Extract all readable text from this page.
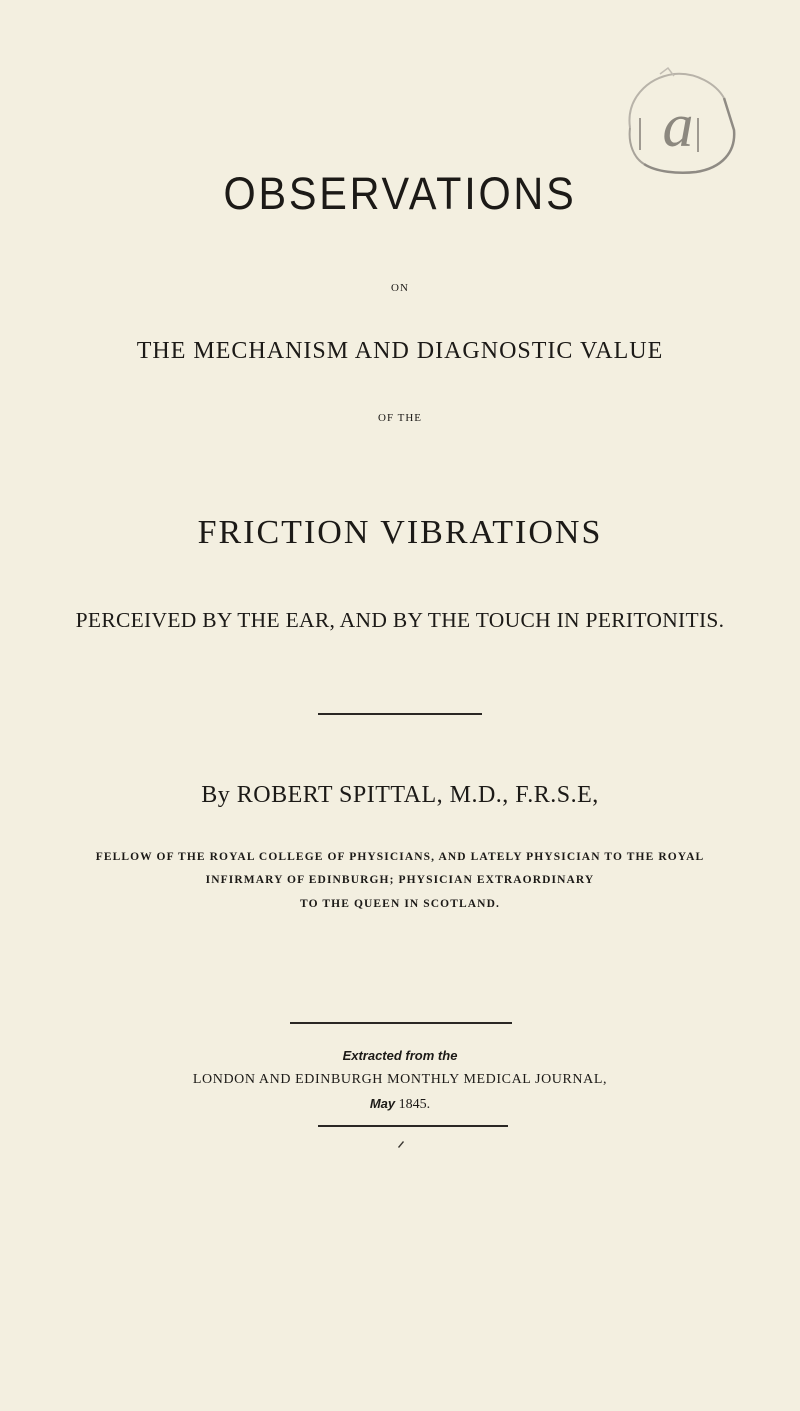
a
OBSERVATIONS
ON
THE MECHANISM AND DIAGNOSTIC VALUE
OF THE
FRICTION VIBRATIONS
PERCEIVED BY THE EAR, AND BY THE TOUCH IN PERITONITIS.
By ROBERT SPITTAL, M.D., F.R.S.E,
FELLOW OF THE ROYAL COLLEGE OF PHYSICIANS, AND LATELY PHYSICIAN TO THE ROYAL
INFIRMARY OF EDINBURGH; PHYSICIAN EXTRAORDINARY
TO THE QUEEN IN SCOTLAND.
Extracted from the
LONDON AND EDINBURGH MONTHLY MEDICAL JOURNAL,
May 1845.
